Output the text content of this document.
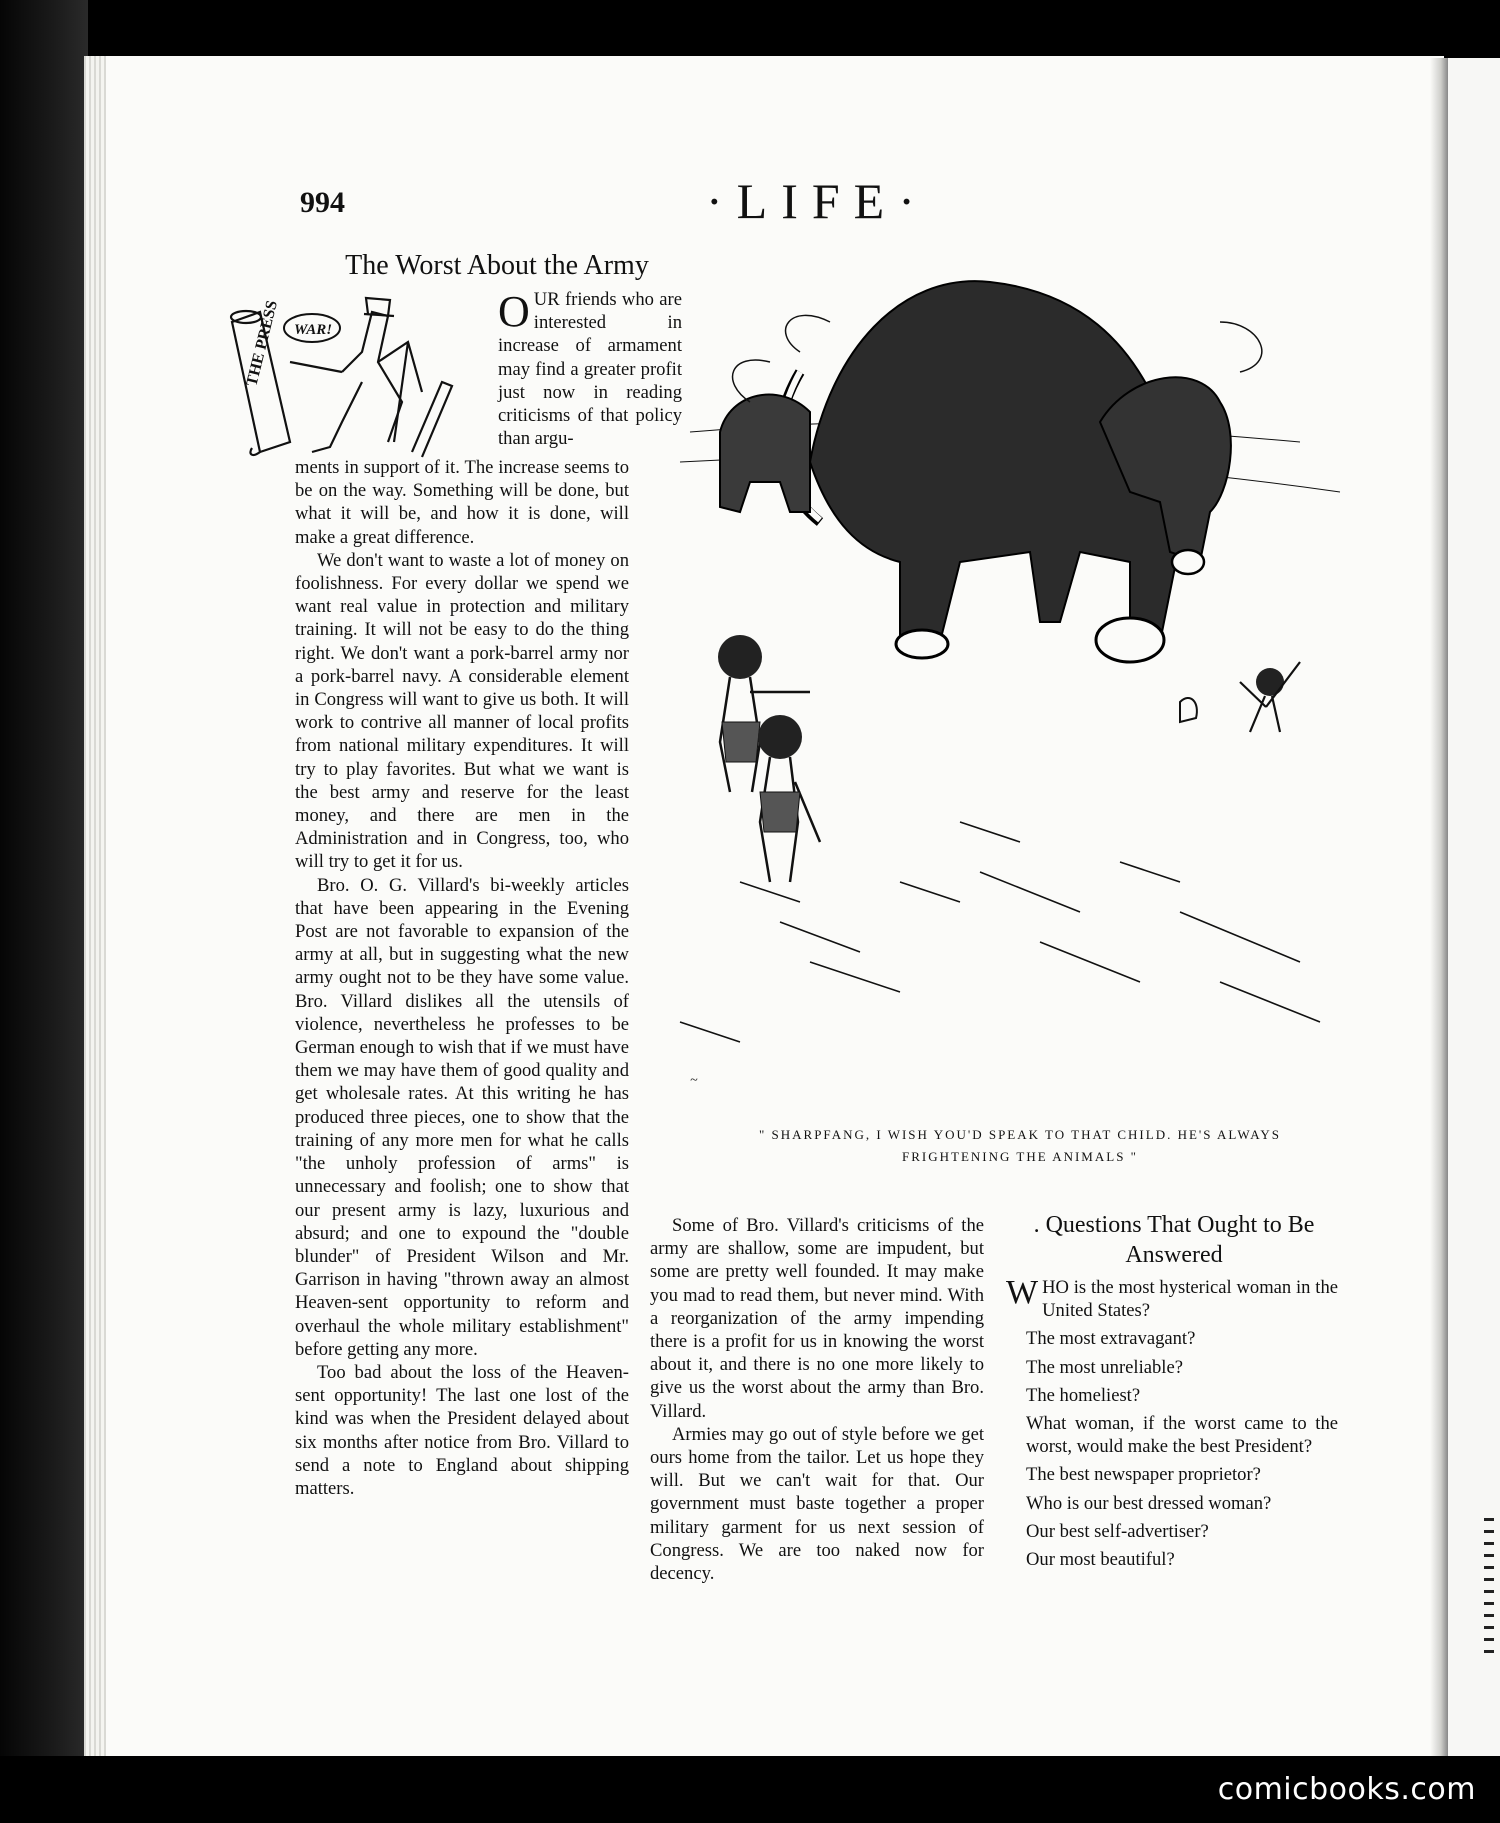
comicbooks.com
994	·LIFE·
The Worst About the Army
THE PRESS WAR!	OUR friends who are interested in increase of armament may find a greater profit just now in reading criticisms of that policy than argu-

ments in support of it. The increase seems to be on the way. Something will be done, but what it will be, and how it is done, will make a great difference.

We don't want to waste a lot of money on foolishness. For every dollar we spend we want real value in protection and military training. It will not be easy to do the thing right. We don't want a pork-barrel army nor a pork-barrel navy. A considerable element in Congress will want to give us both. It will work to contrive all manner of local profits from national military expenditures. It will try to play favorites. But what we want is the best army and reserve for the least money, and there are men in the Administration and in Congress, too, who will try to get it for us.

Bro. O. G. Villard's bi-weekly articles that have been appearing in the Evening Post are not favorable to expansion of the army at all, but in suggesting what the new army ought not to be they have some value. Bro. Villard dislikes all the utensils of violence, nevertheless he professes to be German enough to wish that if we must have them we may have them of good quality and get wholesale rates. At this writing he has produced three pieces, one to show that the training of any more men for what he calls "the unholy profession of arms" is unnecessary and foolish; one to show that our present army is lazy, luxurious and absurd; and one to expound the "double blunder" of President Wilson and Mr. Garrison in having "thrown away an almost Heaven-sent opportunity to reform and overhaul the whole military establishment" before getting any more.

Too bad about the loss of the Heaven-sent opportunity! The last one lost of the kind was when the President delayed about six months after notice from Bro. Villard to send a note to England about shipping matters.

~
" SHARPFANG, I WISH YOU'D SPEAK TO THAT CHILD. HE'S ALWAYS
FRIGHTENING THE ANIMALS "

Some of Bro. Villard's criticisms of the army are shallow, some are impudent, but some are pretty well founded. It may make you mad to read them, but never mind. With a reorganization of the army impending there is a profit for us in knowing the worst about it, and there is no one more likely to give us the worst about the army than Bro. Villard.

Armies may go out of style before we get ours home from the tailor. Let us hope they will. But we can't wait for that. Our government must baste together a proper military garment for us next session of Congress. We are too naked now for decency.

. Questions That Ought to Be Answered

WHO is the most hysterical woman in the United States?

The most extravagant?

The most unreliable?

The homeliest?

What woman, if the worst came to the worst, would make the best President?

The best newspaper proprietor?

Who is our best dressed woman?

Our best self-advertiser?

Our most beautiful?
